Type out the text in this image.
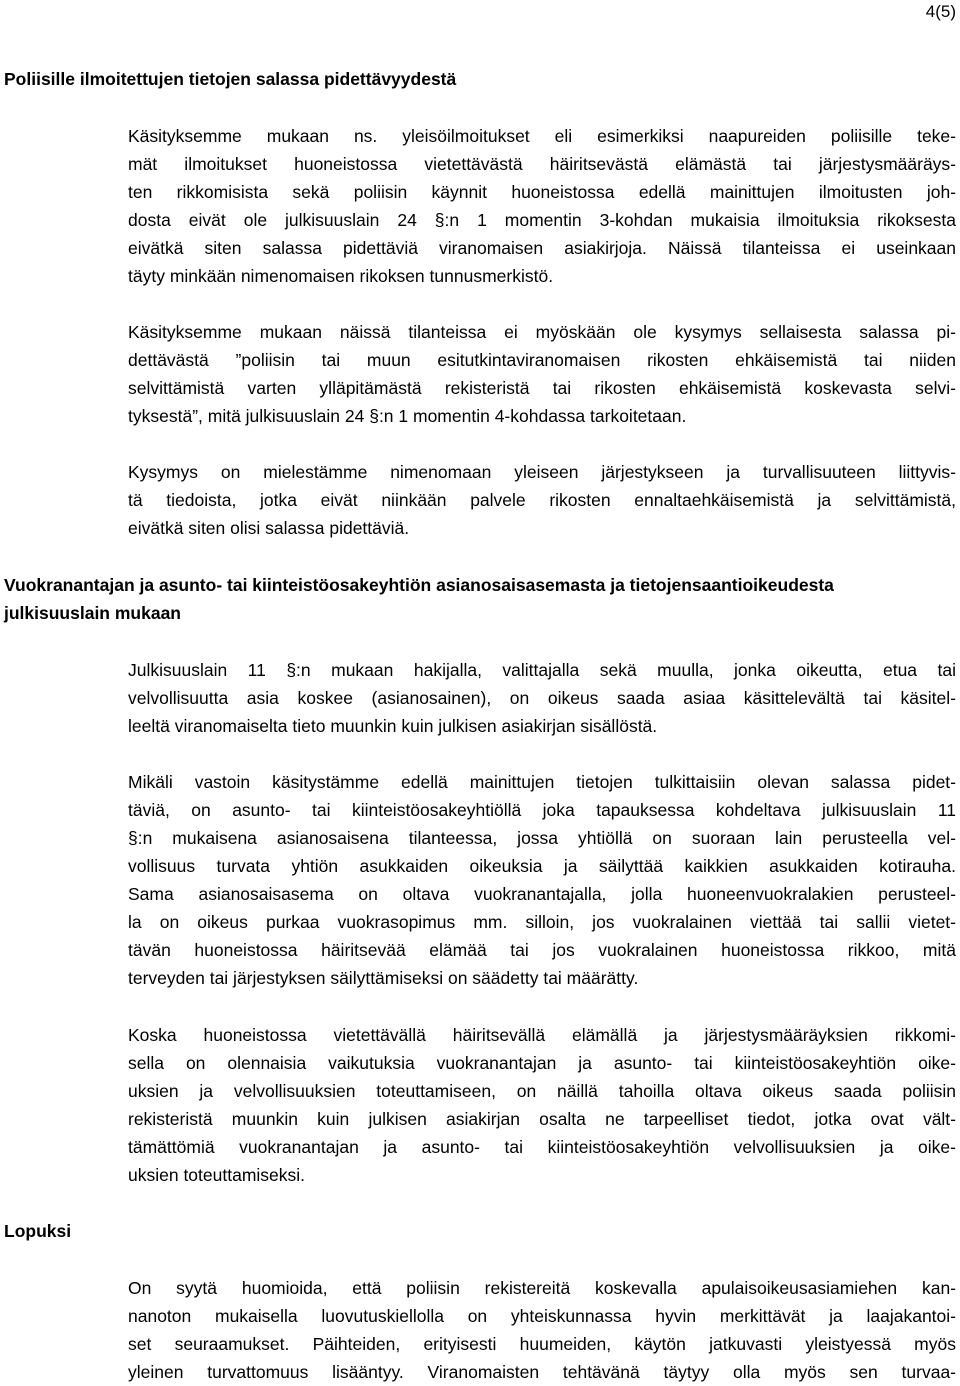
4(5)
Poliisille ilmoitettujen tietojen salassa pidettävyydestä
Käsityksemme mukaan ns. yleisöilmoitukset eli esimerkiksi naapureiden poliisille teke-
mät ilmoitukset huoneistossa vietettävästä häiritsevästä elämästä tai järjestysmääräys-
ten rikkomisista sekä poliisin käynnit huoneistossa edellä mainittujen ilmoitusten joh-
dosta eivät ole julkisuuslain 24 §:n 1 momentin 3-kohdan mukaisia ilmoituksia rikoksesta
eivätkä siten salassa pidettäviä viranomaisen asiakirjoja. Näissä tilanteissa ei useinkaan
täyty minkään nimenomaisen rikoksen tunnusmerkistö.
Käsityksemme mukaan näissä tilanteissa ei myöskään ole kysymys sellaisesta salassa pi-
dettävästä ”poliisin tai muun esitutkintaviranomaisen rikosten ehkäisemistä tai niiden
selvittämistä varten ylläpitämästä rekisteristä tai rikosten ehkäisemistä koskevasta selvi-
tyksestä”, mitä julkisuuslain 24 §:n 1 momentin 4-kohdassa tarkoitetaan.
Kysymys on mielestämme nimenomaan yleiseen järjestykseen ja turvallisuuteen liittyvis-
tä tiedoista, jotka eivät niinkään palvele rikosten ennaltaehkäisemistä ja selvittämistä,
eivätkä siten olisi salassa pidettäviä.
Vuokranantajan ja asunto- tai kiinteistöosakeyhtiön asianosaisasemasta ja tietojensaantioikeudesta
julkisuuslain mukaan
Julkisuuslain 11 §:n mukaan hakijalla, valittajalla sekä muulla, jonka oikeutta, etua tai
velvollisuutta asia koskee (asianosainen), on oikeus saada asiaa käsittelevältä tai käsitel-
leeltä viranomaiselta tieto muunkin kuin julkisen asiakirjan sisällöstä.
Mikäli vastoin käsitystämme edellä mainittujen tietojen tulkittaisiin olevan salassa pidet-
täviä, on asunto- tai kiinteistöosakeyhtiöllä joka tapauksessa kohdeltava julkisuuslain 11
§:n mukaisena asianosaisena tilanteessa, jossa yhtiöllä on suoraan lain perusteella vel-
vollisuus turvata yhtiön asukkaiden oikeuksia ja säilyttää kaikkien asukkaiden kotirauha.
Sama asianosaisasema on oltava vuokranantajalla, jolla huoneenvuokralakien perusteel-
la on oikeus purkaa vuokrasopimus mm. silloin, jos vuokralainen viettää tai sallii vietet-
tävän huoneistossa häiritsevää elämää tai jos vuokralainen huoneistossa rikkoo, mitä
terveyden tai järjestyksen säilyttämiseksi on säädetty tai määrätty.
Koska huoneistossa vietettävällä häiritsevällä elämällä ja järjestysmääräyksien rikkomi-
sella on olennaisia vaikutuksia vuokranantajan ja asunto- tai kiinteistöosakeyhtiön oike-
uksien ja velvollisuuksien toteuttamiseen, on näillä tahoilla oltava oikeus saada poliisin
rekisteristä muunkin kuin julkisen asiakirjan osalta ne tarpeelliset tiedot, jotka ovat vält-
tämättömiä vuokranantajan ja asunto- tai kiinteistöosakeyhtiön velvollisuuksien ja oike-
uksien toteuttamiseksi.
Lopuksi
On syytä huomioida, että poliisin rekistereitä koskevalla apulaisoikeusasiamiehen kan-
nanoton mukaisella luovutuskiellolla on yhteiskunnassa hyvin merkittävät ja laajakantoi-
set seuraamukset. Päihteiden, erityisesti huumeiden, käytön jatkuvasti yleistyessä myös
yleinen turvattomuus lisääntyy. Viranomaisten tehtävänä täytyy olla myös sen turvaa-
